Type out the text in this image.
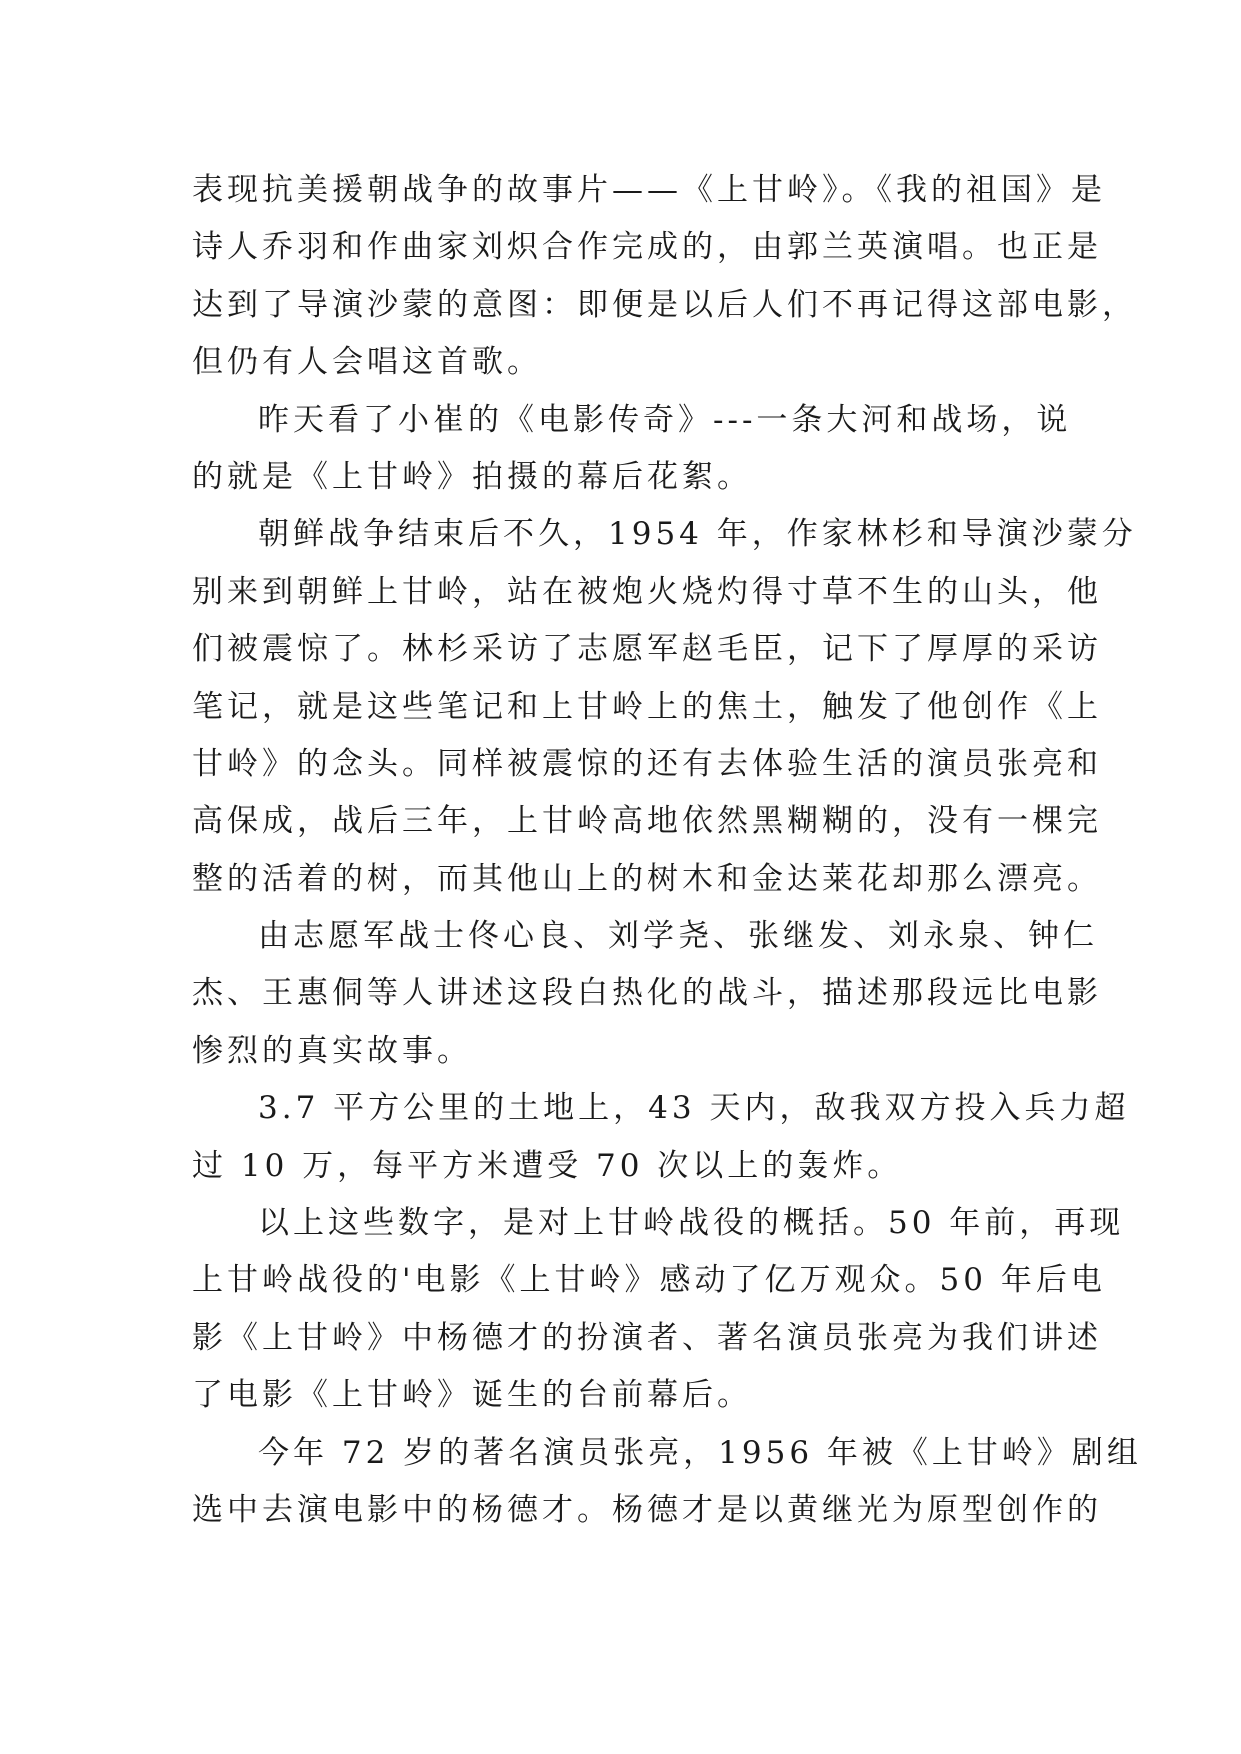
表现抗美援朝战争的故事片——《上甘岭》。《我的祖国》是
诗人乔羽和作曲家刘炽合作完成的，由郭兰英演唱。也正是
达到了导演沙蒙的意图：即便是以后人们不再记得这部电影，
但仍有人会唱这首歌。
昨天看了小崔的《电影传奇》---一条大河和战场，说
的就是《上甘岭》拍摄的幕后花絮。
朝鲜战争结束后不久，1954 年，作家林杉和导演沙蒙分
别来到朝鲜上甘岭，站在被炮火烧灼得寸草不生的山头，他
们被震惊了。林杉采访了志愿军赵毛臣，记下了厚厚的采访
笔记，就是这些笔记和上甘岭上的焦土，触发了他创作《上
甘岭》的念头。同样被震惊的还有去体验生活的演员张亮和
高保成，战后三年，上甘岭高地依然黑糊糊的，没有一棵完
整的活着的树，而其他山上的树木和金达莱花却那么漂亮。
由志愿军战士佟心良、刘学尧、张继发、刘永泉、钟仁
杰、王惠侗等人讲述这段白热化的战斗，描述那段远比电影
惨烈的真实故事。
3.7 平方公里的土地上，43 天内，敌我双方投入兵力超
过 10 万，每平方米遭受 70 次以上的轰炸。
以上这些数字，是对上甘岭战役的概括。50 年前，再现
上甘岭战役的'电影《上甘岭》感动了亿万观众。50 年后电
影《上甘岭》中杨德才的扮演者、著名演员张亮为我们讲述
了电影《上甘岭》诞生的台前幕后。
今年 72 岁的著名演员张亮，1956 年被《上甘岭》剧组
选中去演电影中的杨德才。杨德才是以黄继光为原型创作的
